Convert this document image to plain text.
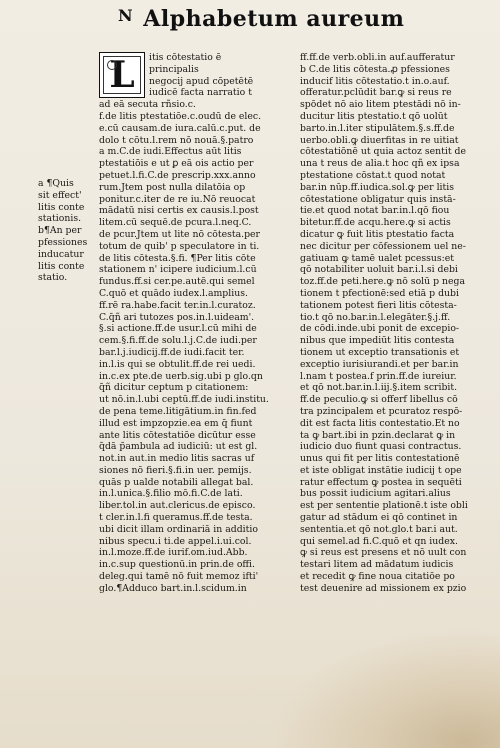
$^N$ Alphabetum aureum
a ¶Quis
sit effect'
litis conte
stationis.
b¶An per
pfessiones
inducatur
litis conte
statio.
L itis cōtestatio ē
principalis
negocij apud cōpetētē
iudicē facta narratio t
ad eā secuta rñsio.c.
f.de litis ptestatiōe.c.oudū de elec.
e.cū causam.de iura.calū.c.put. de
dolo t cōtu.l.rem nō nouā.§.patro
a m.C.de iudi.Effectus aūt litis
ptestatiōis e ut ꝑ eā ois actio per
petuet.l.fi.C.de prescrip.xxx.anno
rum.Jtem post nulla dilatōia op
ponitur.c.iter de re iu.Nō reuocat
mādatū nisi certis ex causis.l.post
litem.cū sequē.de pcura.l.neq.C.
de pcur.Jtem ut lite nō cōtesta.per
totum de quib' p speculatore in ti.
de litis cōtesta.§.fi. ¶Per litis cōte
stationem n' icipere iudicium.l.cū
fundus.ff.si cer.pe.autē.qui semel
C.quō et quādo iudex.l.amplius.
ff.rē ra.habe.facit ter.in.l.curatoz.
C.q̄ñ ari tutozes pos.in.l.uideam'.
§.si actione.ff.de usur.l.cū mihi de
cem.§.fi.ff.de solu.l.j.C.de iudi.per
bar.l.j.iudicij.ff.de iudi.facit ter.
in.l.is qui se obtulit.ff.de rei uedi.
in.c.ex pte.de uerb.sig.ubi p glo.qn
q̄ñ dicitur ceptum p citationem:
ut nō.in.l.ubi ceptū.ff.de iudi.institu.
de pena teme.litigātium.in fin.fed
illud est impzopzie.ea em q̄ fiunt
ante litis cōtestatiōe dicūtur esse
q̄dā p̄ambula ad iudiciū: ut est gl.
not.in aut.in medio litis sacras uf
siones nō fieri.§.fi.in uer. pemijs.
quās p ualde notabili allegat bal.
in.l.unica.§.filio mō.fi.C.de lati.
liber.tol.in aut.clericus.de episco.
t cler.in.l.fi queramus.ff.de testa.
ubi dicit illam ordinariā in additio
nibus specu.i ti.de appel.i.ui.col.
in.l.moze.ff.de iurif.om.iud.Abb.
in.c.sup questionū.in prin.de offi.
deleg.qui tamē nō fuit memoz ifti'
glo.¶Adduco bart.in.l.scidum.in
ff.ff.de verb.obli.in auf.aufferatur
b C.de litis cōtesta.ꝓ pfessiones
inducif litis cōtestatio.t in.o.auf.
offeratur.pclūdit bar.ꝙ si reus re
spōdet nō aio litem ptestādi nō in-
ducitur litis ptestatio.t qō uolūt
barto.in.l.iter stipulātem.§.s.ff.de
uerbo.obli.ꝙ diuerfitas in re uitiat
cōtestatiōnē ut quia actoz sentit de
una t reus de alia.t hoc qñ ex ipsa
ptestatione cōstat.t quod notat
bar.in nūp.ff.iudica.sol.ꝙ per litis
cōtestatione obligatur quis instā-
tie.et quod notat bar.in.l.qō fiou
bitetur.ff.de acqu.here.ꝙ si actis
dicatur ꝙ fuit litis ptestatio facta
nec dicitur per cōfessionem uel ne-
gatiuam ꝙ tamē ualet pcessus:et
qō notabiliter uoluit bar.i.l.si debi
toz.ff.de peti.here.ꝙ nō solū p nega
tionem t pfectionē:sed etiā p dubi
tationem potest fieri litis cōtesta-
tio.t qō no.bar.in.l.elegāter.§.j.ff.
de cōdi.inde.ubi ponit de excepio-
nibus que impediūt litis contesta
tionem ut exceptio transationis et
exceptio iurisiurandi.et per bar.in
l.nam t postea.f prin.ff.de iureiur.
et qō not.bar.in.l.iij.§.item scribit.
ff.de peculio.ꝙ si offerf libellus cō
tra pzincipalem et pcuratoz respō-
dit est facta litis contestatio.Et no
ta ꝙ bart.ibi in pzin.declarat ꝙ in
iudicio duo fiunt quasi contractus.
unus qui fit per litis contestationē
et iste obligat instātie iudicij t ope
ratur effectum ꝙ postea in sequēti
bus possit iudicium agitari.alius
est per sententie plationē.t iste obli
gatur ad stādum ei qō continet in
sententia.et qō not.glo.t bar.i aut.
qui semel.ad fi.C.quō et qn iudex.
ꝙ si reus est presens et nō uult con
testari litem ad mādatum iudicis
et recedit ꝙ fine noua citatiōe po
test deuenire ad missionem ex pzio
